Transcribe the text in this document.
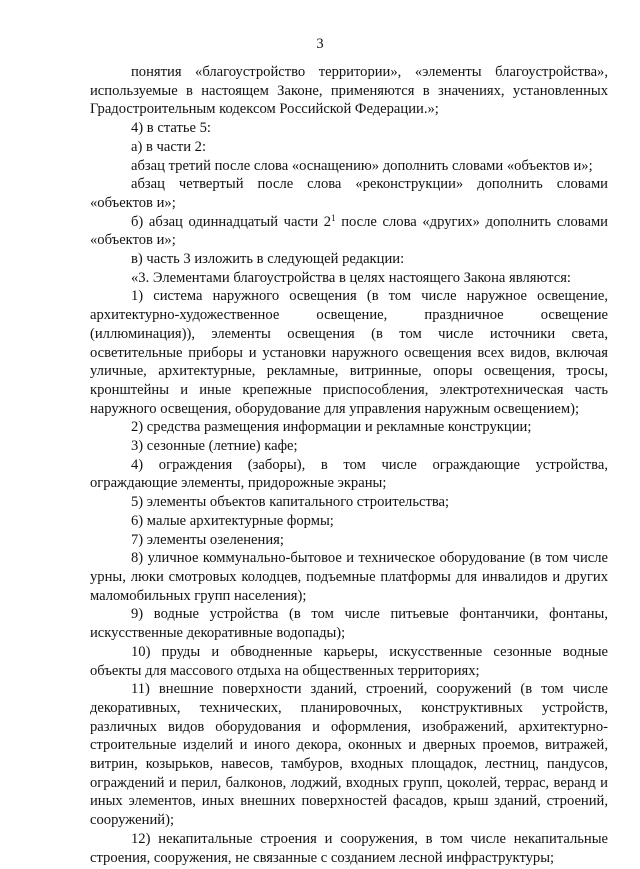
3

понятия «благоустройство территории», «элементы благоустройства», используемые в настоящем Законе, применяются в значениях, установленных Градостроительным кодексом Российской Федерации.»;

4) в статье 5:

а) в части 2:

абзац третий после слова «оснащению» дополнить словами «объектов и»;

абзац четвертый после слова «реконструкции» дополнить словами «объектов и»;

б) абзац одиннадцатый части $2^1$ после слова «других» дополнить словами «объектов и»;

в) часть 3 изложить в следующей редакции:

«3. Элементами благоустройства в целях настоящего Закона являются:

1) система наружного освещения (в том числе наружное освещение, архитектурно-художественное освещение, праздничное освещение (иллюминация)), элементы освещения (в том числе источники света, осветительные приборы и установки наружного освещения всех видов, включая уличные, архитектурные, рекламные, витринные, опоры освещения, тросы, кронштейны и иные крепежные приспособления, электротехническая часть наружного освещения, оборудование для управления наружным освещением);

2) средства размещения информации и рекламные конструкции;

3) сезонные (летние) кафе;

4) ограждения (заборы), в том числе ограждающие устройства, ограждающие элементы, придорожные экраны;

5) элементы объектов капитального строительства;

6) малые архитектурные формы;

7) элементы озеленения;

8) уличное коммунально-бытовое и техническое оборудование (в том числе урны, люки смотровых колодцев, подъемные платформы для инвалидов и других маломобильных групп населения);

9) водные устройства (в том числе питьевые фонтанчики, фонтаны, искусственные декоративные водопады);

10) пруды и обводненные карьеры, искусственные сезонные водные объекты для массового отдыха на общественных территориях;

11) внешние поверхности зданий, строений, сооружений (в том числе декоративных, технических, планировочных, конструктивных устройств, различных видов оборудования и оформления, изображений, архитектурно-строительные изделий и иного декора, оконных и дверных проемов, витражей, витрин, козырьков, навесов, тамбуров, входных площадок, лестниц, пандусов, ограждений и перил, балконов, лоджий, входных групп, цоколей, террас, веранд и иных элементов, иных внешних поверхностей фасадов, крыш зданий, строений, сооружений);

12) некапитальные строения и сооружения, в том числе некапитальные строения, сооружения, не связанные с созданием лесной инфраструктуры;
